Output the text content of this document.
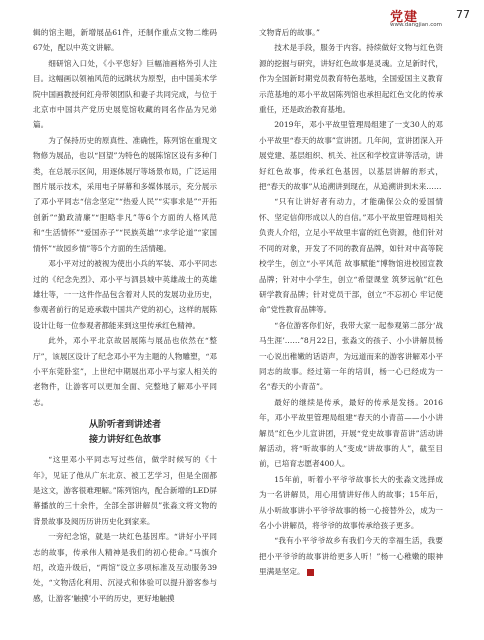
党建
www.dangjian.com
77

辑的馆主题，新增展品61件，还制作重点文物二维码67处，配以中英文讲解。

细研馆入口处，《小平您好》巨幅油画格外引人注目。这幅画以领袖风范的远眺状为原型，由中国美术学院中国画教授何红舟带领团队和妻子共同完成，与位于北京市中国共产党历史展览馆收藏的同名作品为兄弟篇。

为了保持历史的原真性、准确性，陈列馆在重现文物修为展品，也以“回望”为特色的展陈馆区设有多种门类，在总展示区间，用逐体展厅等场景布局，广泛运用图片展示技术，采用电子屏幕和多媒体展示，充分展示了邓小平同志“信念坚定”“热爱人民”“实事求是”“开拓创新”“勤政清廉”“胆略非凡”等6个方面的人格风范和“生活情怀”“爱国赤子”“民族英雄”“求学论道”“家国情怀”“故园乡情”等5个方面的生活情趣。

邓小平对过的被视为使出小兵的军装、邓小平同志过的《纪念先烈》、邓小平与泗县城中英雄战士的英雄雄壮等，一一这件作品包含着对人民的发展功业历史，参观者前行的足迹承载中国共产党的初心，这样的展陈设计让每一位参观者都能来到这里传承红色精神。

此外，邓小平北京故居展陈与展品也依然在“整厅”，该展区设计了纪念邓小平为主题的人物雕塑，“邓小平东莞卧室”，上世纪中期展出邓小平与家人相关的老物件，让游客可以更加全面、完整地了解邓小平同志。

从阶听者到讲述者
接力讲好红色故事

“这里邓小平同志写过些信，做学时候写的《十年》，见证了他从广东北京、被工艺学习，但是全面都是这文，游客很难理解。”陈列馆内，配合新增的LED屏幕播放的三十余件，全部全部讲解员”张淼文将文物的背景故事及阅历历讲历史化到家来。

一旁纪念馆，就是一块红色基因库。“讲好小平同志的故事，传承伟人精神是我们的初心使命。”马旗介绍，改造升级后，“两馆”设立多项标准及互动服务39处，“文物活化利用、沉浸式和体验可以提升游客参与感，让游客‘触摸’小平的历史，更好地触摸

文物背后的故事。”

技术是手段，服务于内容。持续做好文物与红色资源的挖掘与研究，讲好红色故事是灵魂。立足新时代，作为全国新时期党员教育特色基地，全国爱国主义教育示范基地的邓小平故居陈列馆也承担起红色文化的传承重任，还是政治教育基地。

2019年，邓小平故里管理局组建了一支30人的邓小平故里“春天的故事”宣讲团。几年间，宣讲团深入开展党建、基层组织、机关、社区和学校宣讲等活动，讲好红色故事，传承红色基因，以基层讲解的形式，把“春天的故事”从追溯讲到现在，从追溯讲到未来……

“只有让讲好者有动力，才能确保公众的爱国情怀、坚定信仰形成以人的自信。”邓小平故里管理局相关负责人介绍，立足小平故里丰富的红色资源，他们针对不同的对象，开发了不同的教育品牌，如针对中高等院校学生，创立“小平风范 故事赋能”博物馆进校园宣教品牌；针对中小学生，创立“希望课堂 筑梦远航”红色研学教育品牌；针对党员干部，创立“不忘初心 牢记使命”党性教育品牌等。

“各位游客你们好，我带大家一起参观第二部分‘战马生涯’……”8月22日，张淼文的孩子、小小讲解员杨一心说出稚嫩的话语声，为远道而来的游客讲解邓小平同志的故事。经过第一年的培训，杨一心已经成为一名“春天的小青苗”。

最好的继续是传承，最好的传承是发扬。2016年，邓小平故里管理局组建“春天的小青苗——小小讲解员”红色少儿宣讲团，开展“党史故事青苗讲”活动讲解活动，将“听故事的人”变成“讲故事的人”，截至目前，已培育志愿者400人。

15年前，听着小平爷爷故事长大的张淼文选择成为一名讲解员，用心用情讲好伟人的故事；15年后，从小听故事讲小平爷爷故事的杨一心接替外公，成为一名小小讲解员，将爷爷的故事传承给孩子更多。

“我有小平爷爷故乡有我们今天的幸福生活，我要把小平爷爷的故事讲给更多人听！”杨一心稚嫩的眼神里满是坚定。
